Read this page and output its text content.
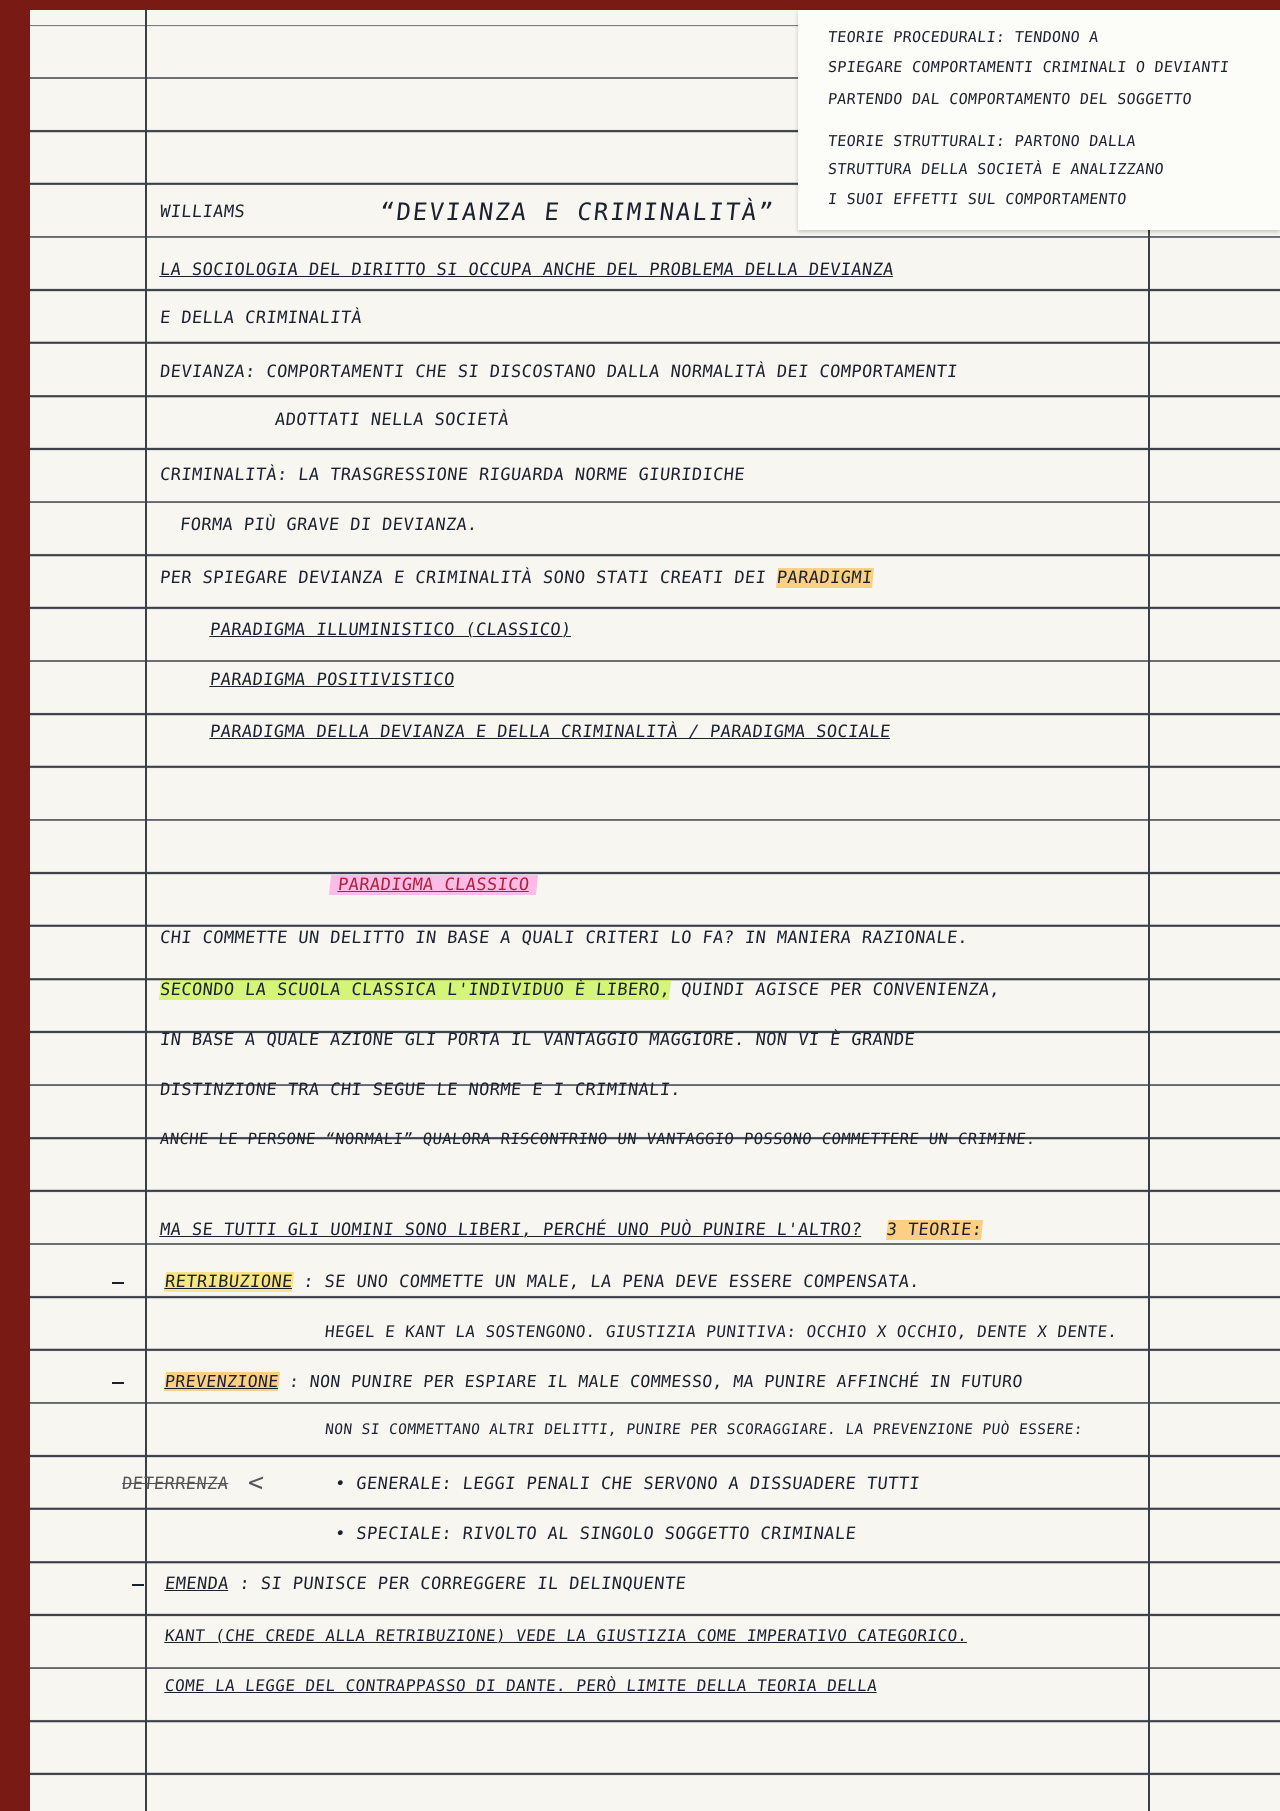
TEORIE PROCEDURALI: TENDONO A
SPIEGARE COMPORTAMENTI CRIMINALI O DEVIANTI
PARTENDO DAL COMPORTAMENTO DEL SOGGETTO
TEORIE STRUTTURALI: PARTONO DALLA
STRUTTURA DELLA SOCIETÀ E ANALIZZANO
I SUOI EFFETTI SUL COMPORTAMENTO
WILLIAMS	“DEVIANZA E CRIMINALITÀ”
LA SOCIOLOGIA DEL DIRITTO SI OCCUPA ANCHE DEL PROBLEMA DELLA DEVIANZA
E DELLA CRIMINALITÀ
DEVIANZA: COMPORTAMENTI CHE SI DISCOSTANO DALLA NORMALITÀ DEI COMPORTAMENTI
ADOTTATI NELLA SOCIETÀ
CRIMINALITÀ: LA TRASGRESSIONE RIGUARDA NORME GIURIDICHE
FORMA PIÙ GRAVE DI DEVIANZA.
PER SPIEGARE DEVIANZA E CRIMINALITÀ SONO STATI CREATI DEI PARADIGMI
PARADIGMA ILLUMINISTICO (CLASSICO)
PARADIGMA POSITIVISTICO
PARADIGMA DELLA DEVIANZA E DELLA CRIMINALITÀ / PARADIGMA SOCIALE
PARADIGMA CLASSICO
CHI COMMETTE UN DELITTO IN BASE A QUALI CRITERI LO FA? IN MANIERA RAZIONALE.
SECONDO LA SCUOLA CLASSICA L'INDIVIDUO È LIBERO, QUINDI AGISCE PER CONVENIENZA,
IN BASE A QUALE AZIONE GLI PORTA IL VANTAGGIO MAGGIORE. NON VI È GRANDE
DISTINZIONE TRA CHI SEGUE LE NORME E I CRIMINALI.
ANCHE LE PERSONE “NORMALI” QUALORA RISCONTRINO UN VANTAGGIO POSSONO COMMETTERE UN CRIMINE.
MA SE TUTTI GLI UOMINI SONO LIBERI, PERCHÉ UNO PUÒ PUNIRE L'ALTRO? 3 TEORIE:
RETRIBUZIONE : SE UNO COMMETTE UN MALE, LA PENA DEVE ESSERE COMPENSATA.
HEGEL E KANT LA SOSTENGONO. GIUSTIZIA PUNITIVA: OCCHIO X OCCHIO, DENTE X DENTE.
PREVENZIONE : NON PUNIRE PER ESPIARE IL MALE COMMESSO, MA PUNIRE AFFINCHÉ IN FUTURO
NON SI COMMETTANO ALTRI DELITTI, PUNIRE PER SCORAGGIARE. LA PREVENZIONE PUÒ ESSERE:
DETERRENZA <	• GENERALE: LEGGI PENALI CHE SERVONO A DISSUADERE TUTTI
• SPECIALE: RIVOLTO AL SINGOLO SOGGETTO CRIMINALE
EMENDA : SI PUNISCE PER CORREGGERE IL DELINQUENTE
KANT (CHE CREDE ALLA RETRIBUZIONE) VEDE LA GIUSTIZIA COME IMPERATIVO CATEGORICO.
COME LA LEGGE DEL CONTRAPPASSO DI DANTE. PERÒ LIMITE DELLA TEORIA DELLA
